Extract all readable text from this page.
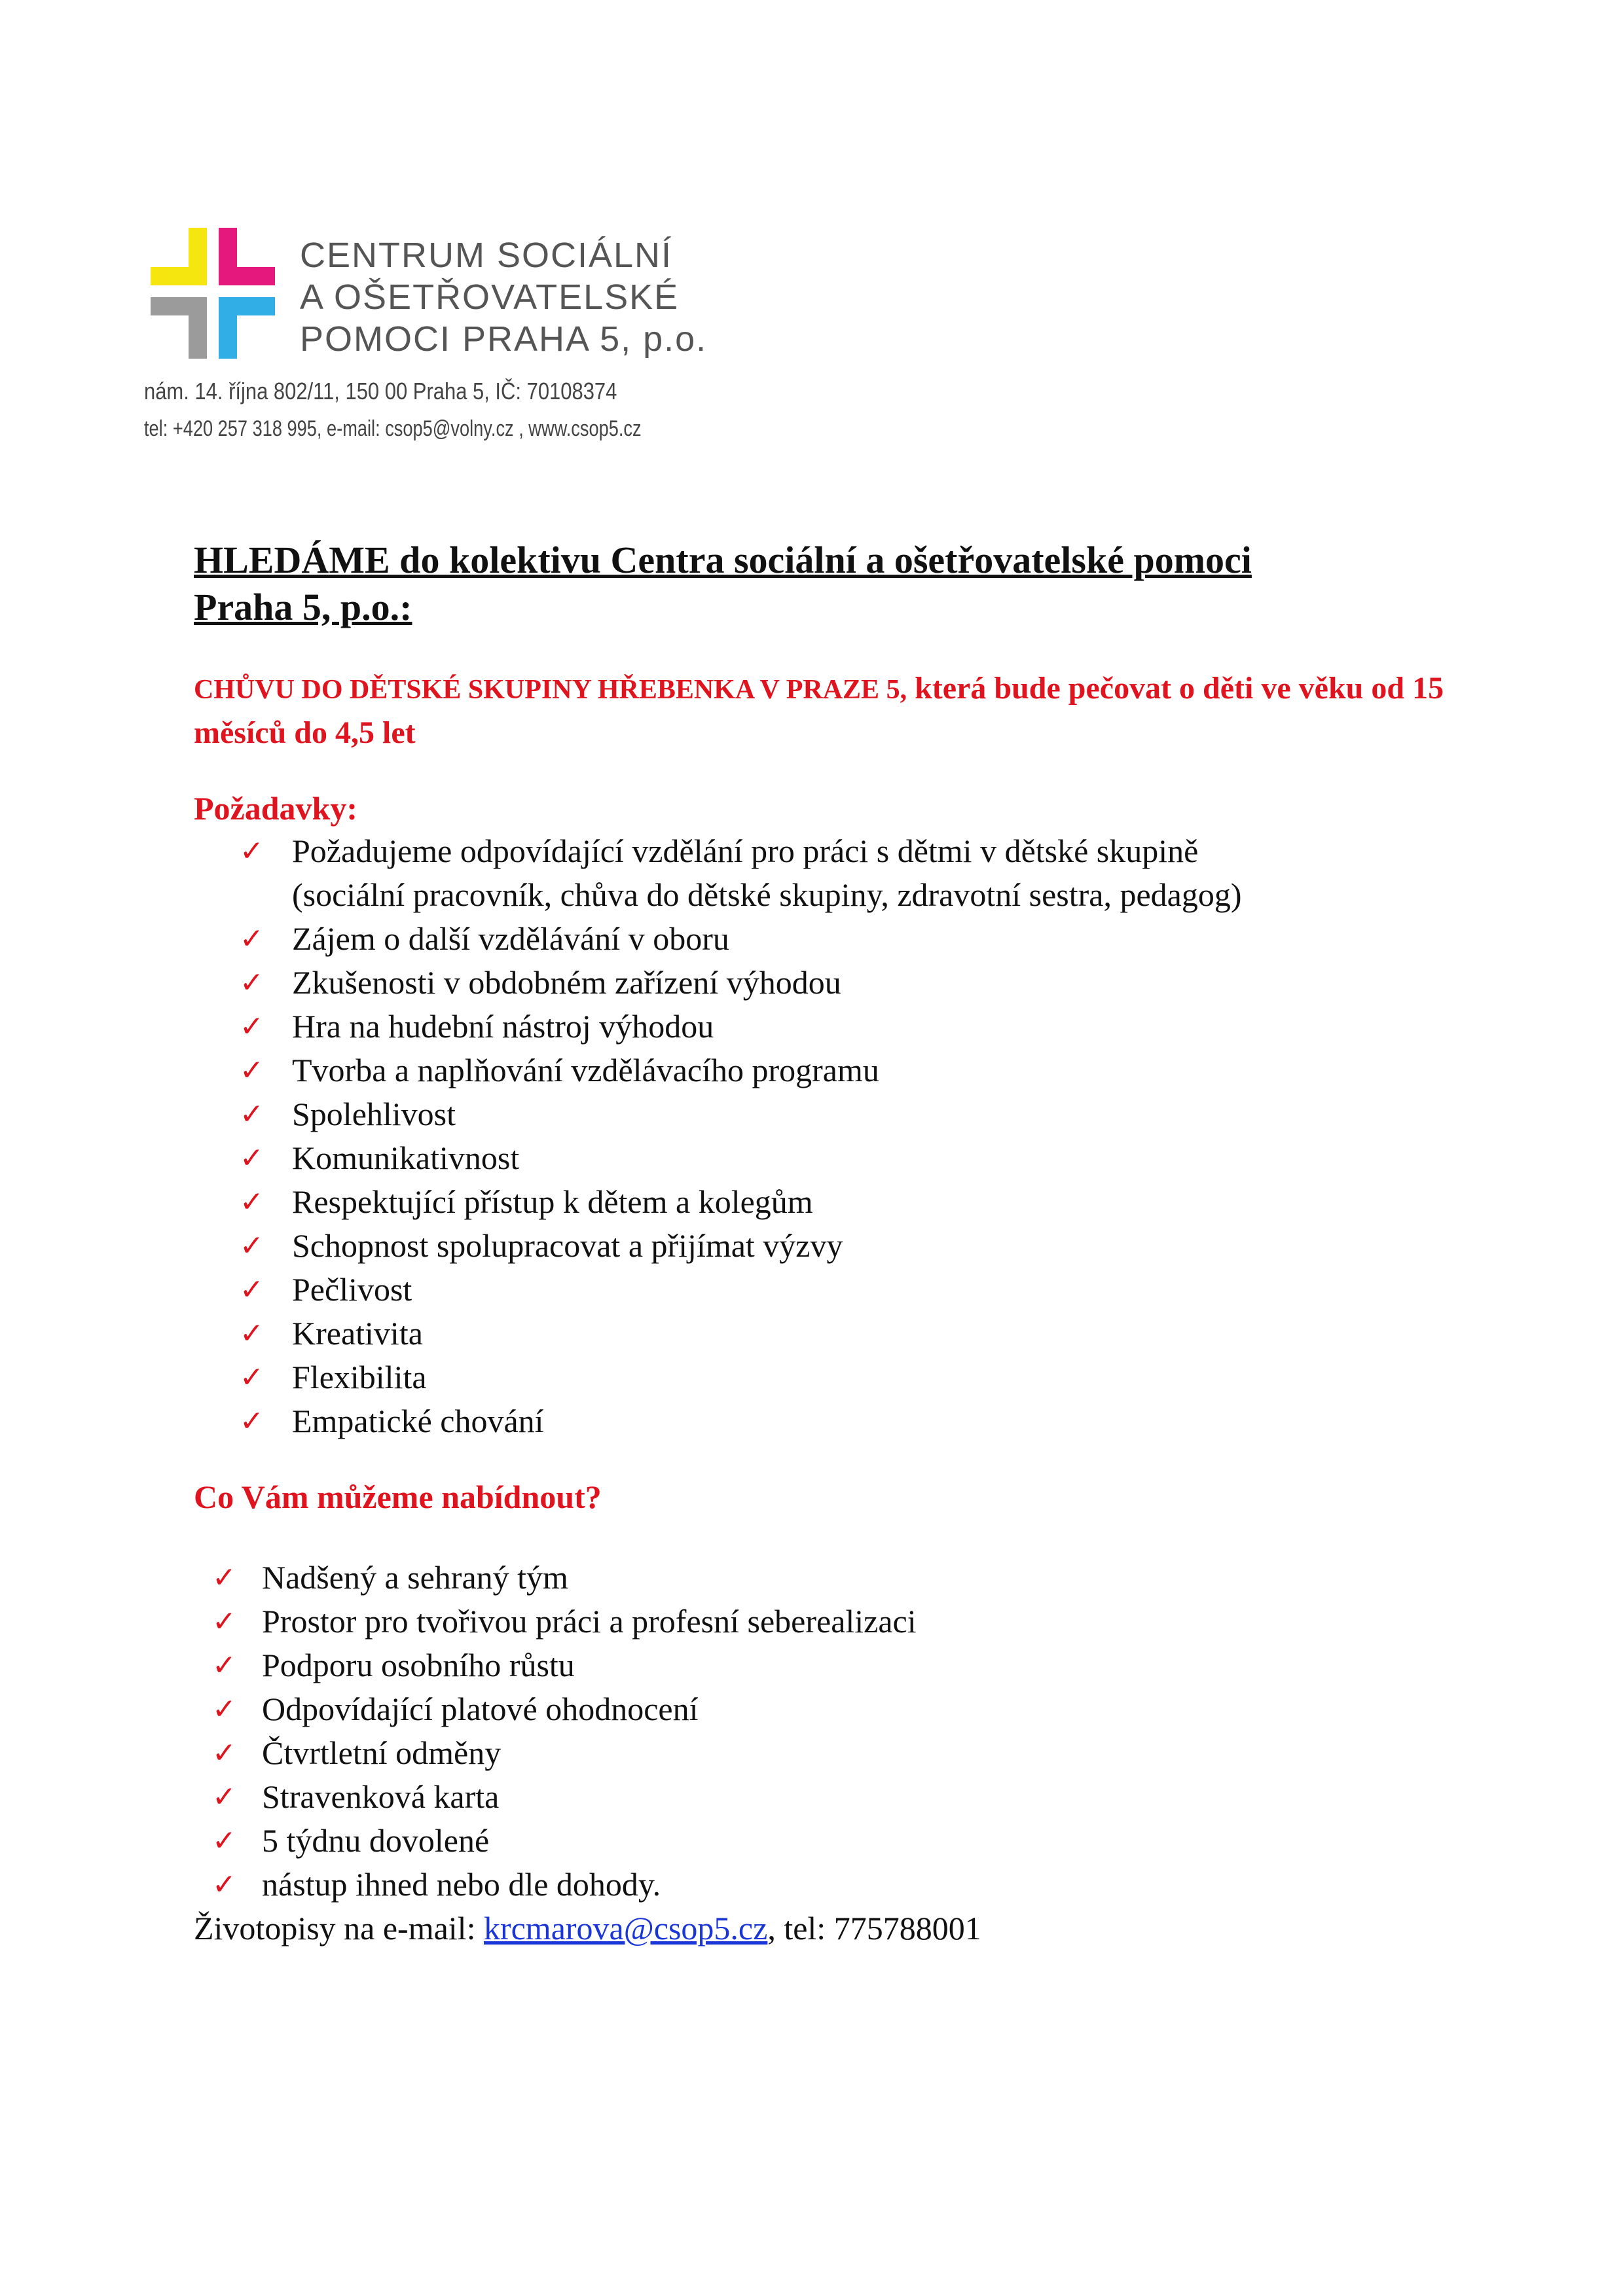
CENTRUM SOCIÁLNÍ
A OŠETŘOVATELSKÉ
POMOCI PRAHA 5, p.o.
nám. 14. října 802/11, 150 00 Praha 5, IČ: 70108374
tel: +420 257 318 995, e-mail: csop5@volny.cz , www.csop5.cz
HLEDÁME do kolektivu Centra sociální a ošetřovatelské pomoci
Praha 5, p.o.:
CHŮVU DO DĚTSKÉ SKUPINY HŘEBENKA V PRAZE 5, která bude pečovat o děti ve věku od 15 měsíců do 4,5 let
Požadavky:
✓ Požadujeme odpovídající vzdělání pro práci s dětmi v dětské skupině
(sociální pracovník, chůva do dětské skupiny, zdravotní sestra, pedagog)
✓ Zájem o další vzdělávání v oboru
✓ Zkušenosti v obdobném zařízení výhodou
✓ Hra na hudební nástroj výhodou
✓ Tvorba a naplňování vzdělávacího programu
✓ Spolehlivost
✓ Komunikativnost
✓ Respektující přístup k dětem a kolegům
✓ Schopnost spolupracovat a přijímat výzvy
✓ Pečlivost
✓ Kreativita
✓ Flexibilita
✓ Empatické chování
Co Vám můžeme nabídnout?
✓ Nadšený a sehraný tým
✓ Prostor pro tvořivou práci a profesní seberealizaci
✓ Podporu osobního růstu
✓ Odpovídající platové ohodnocení
✓ Čtvrtletní odměny
✓ Stravenková karta
✓ 5 týdnu dovolené
✓ nástup ihned nebo dle dohody.
Životopisy na e-mail: krcmarova@csop5.cz, tel: 775788001
